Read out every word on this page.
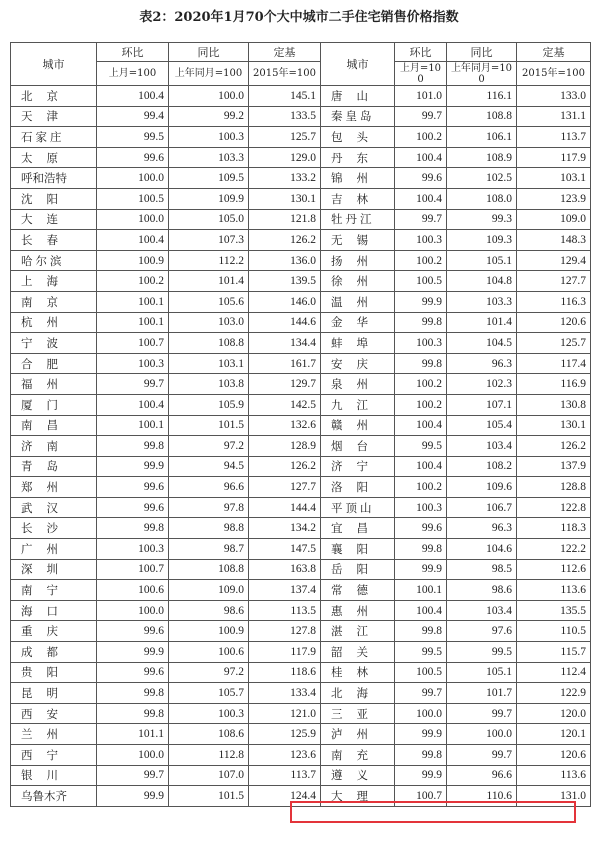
表2：2020年1月70个大中城市二手住宅销售价格指数
城市	环比	同比	定基	城市	环比	同比	定基
	上月=100	上年同月=100	2015年=100		上月=100	上年同月=100	2015年=100
北京	100.4	100.0	145.1	唐山	101.0	116.1	133.0
天津	99.4	99.2	133.5	秦皇岛	99.7	108.8	131.1
石家庄	99.5	100.3	125.7	包头	100.2	106.1	113.7
太原	99.6	103.3	129.0	丹东	100.4	108.9	117.9
呼和浩特	100.0	109.5	133.2	锦州	99.6	102.5	103.1
沈阳	100.5	109.9	130.1	吉林	100.4	108.0	123.9
大连	100.0	105.0	121.8	牡丹江	99.7	99.3	109.0
长春	100.4	107.3	126.2	无锡	100.3	109.3	148.3
哈尔滨	100.9	112.2	136.0	扬州	100.2	105.1	129.4
上海	100.2	101.4	139.5	徐州	100.5	104.8	127.7
南京	100.1	105.6	146.0	温州	99.9	103.3	116.3
杭州	100.1	103.0	144.6	金华	99.8	101.4	120.6
宁波	100.7	108.8	134.4	蚌埠	100.3	104.5	125.7
合肥	100.3	103.1	161.7	安庆	99.8	96.3	117.4
福州	99.7	103.8	129.7	泉州	100.2	102.3	116.9
厦门	100.4	105.9	142.5	九江	100.2	107.1	130.8
南昌	100.1	101.5	132.6	赣州	100.4	105.4	130.1
济南	99.8	97.2	128.9	烟台	99.5	103.4	126.2
青岛	99.9	94.5	126.2	济宁	100.4	108.2	137.9
郑州	99.6	96.6	127.7	洛阳	100.2	109.6	128.8
武汉	99.6	97.8	144.4	平顶山	100.3	106.7	122.8
长沙	99.8	98.8	134.2	宜昌	99.6	96.3	118.3
广州	100.3	98.7	147.5	襄阳	99.8	104.6	122.2
深圳	100.7	108.8	163.8	岳阳	99.9	98.5	112.6
南宁	100.6	109.0	137.4	常德	100.1	98.6	113.6
海口	100.0	98.6	113.5	惠州	100.4	103.4	135.5
重庆	99.6	100.9	127.8	湛江	99.8	97.6	110.5
成都	99.9	100.6	117.9	韶关	99.5	99.5	115.7
贵阳	99.6	97.2	118.6	桂林	100.5	105.1	112.4
昆明	99.8	105.7	133.4	北海	99.7	101.7	122.9
西安	99.8	100.3	121.0	三亚	100.0	99.7	120.0
兰州	101.1	108.6	125.9	泸州	99.9	100.0	120.1
西宁	100.0	112.8	123.6	南充	99.8	99.7	120.6
银川	99.7	107.0	113.7	遵义	99.9	96.6	113.6
乌鲁木齐	99.9	101.5	124.4	大理	100.7	110.6	131.0
